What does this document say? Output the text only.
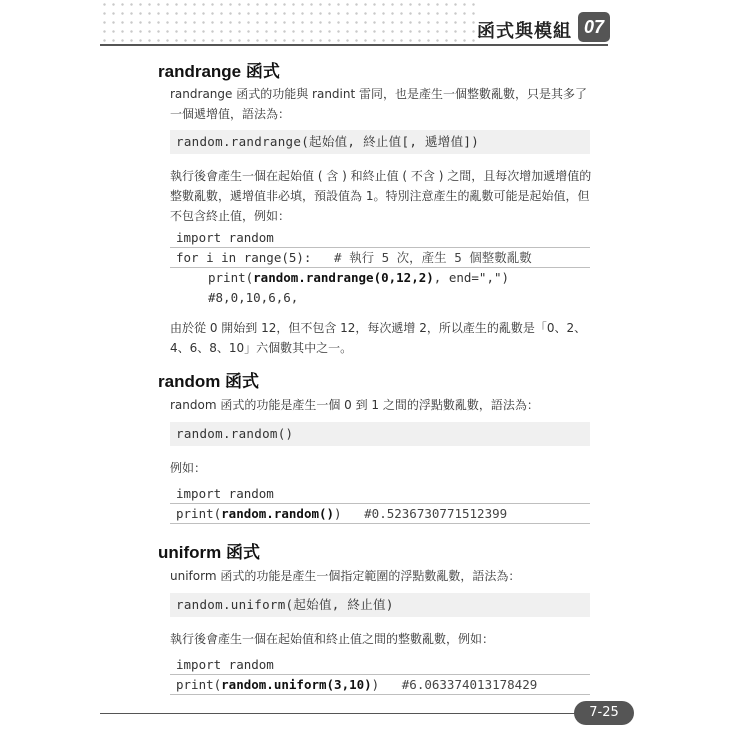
函式與模組 07
randrange 函式
randrange 函式的功能與 randint 雷同，也是產生一個整數亂數，只是其多了一個遞增值，語法為：
random.randrange(起始值, 終止值[, 遞增值])
執行後會產生一個在起始值 ( 含 ) 和終止值 ( 不含 ) 之間，且每次增加遞增值的整數亂數，遞增值非必填，預設值為 1。特別注意產生的亂數可能是起始值，但不包含終止值，例如：
import random
for i in range(5): # 執行 5 次，產生 5 個整數亂數
print(random.randrange(0,12,2), end=",")
#8,0,10,6,6,
由於從 0 開始到 12，但不包含 12，每次遞增 2，所以產生的亂數是「0、2、4、6、8、10」六個數其中之一。
random 函式
random 函式的功能是產生一個 0 到 1 之間的浮點數亂數，語法為：
random.random()
例如：
import random
print(random.random()) #0.5236730771512399
uniform 函式
uniform 函式的功能是產生一個指定範圍的浮點數亂數，語法為：
random.uniform(起始值, 終止值)
執行後會產生一個在起始值和終止值之間的整數亂數，例如：
import random
print(random.uniform(3,10)) #6.063374013178429
7-25
